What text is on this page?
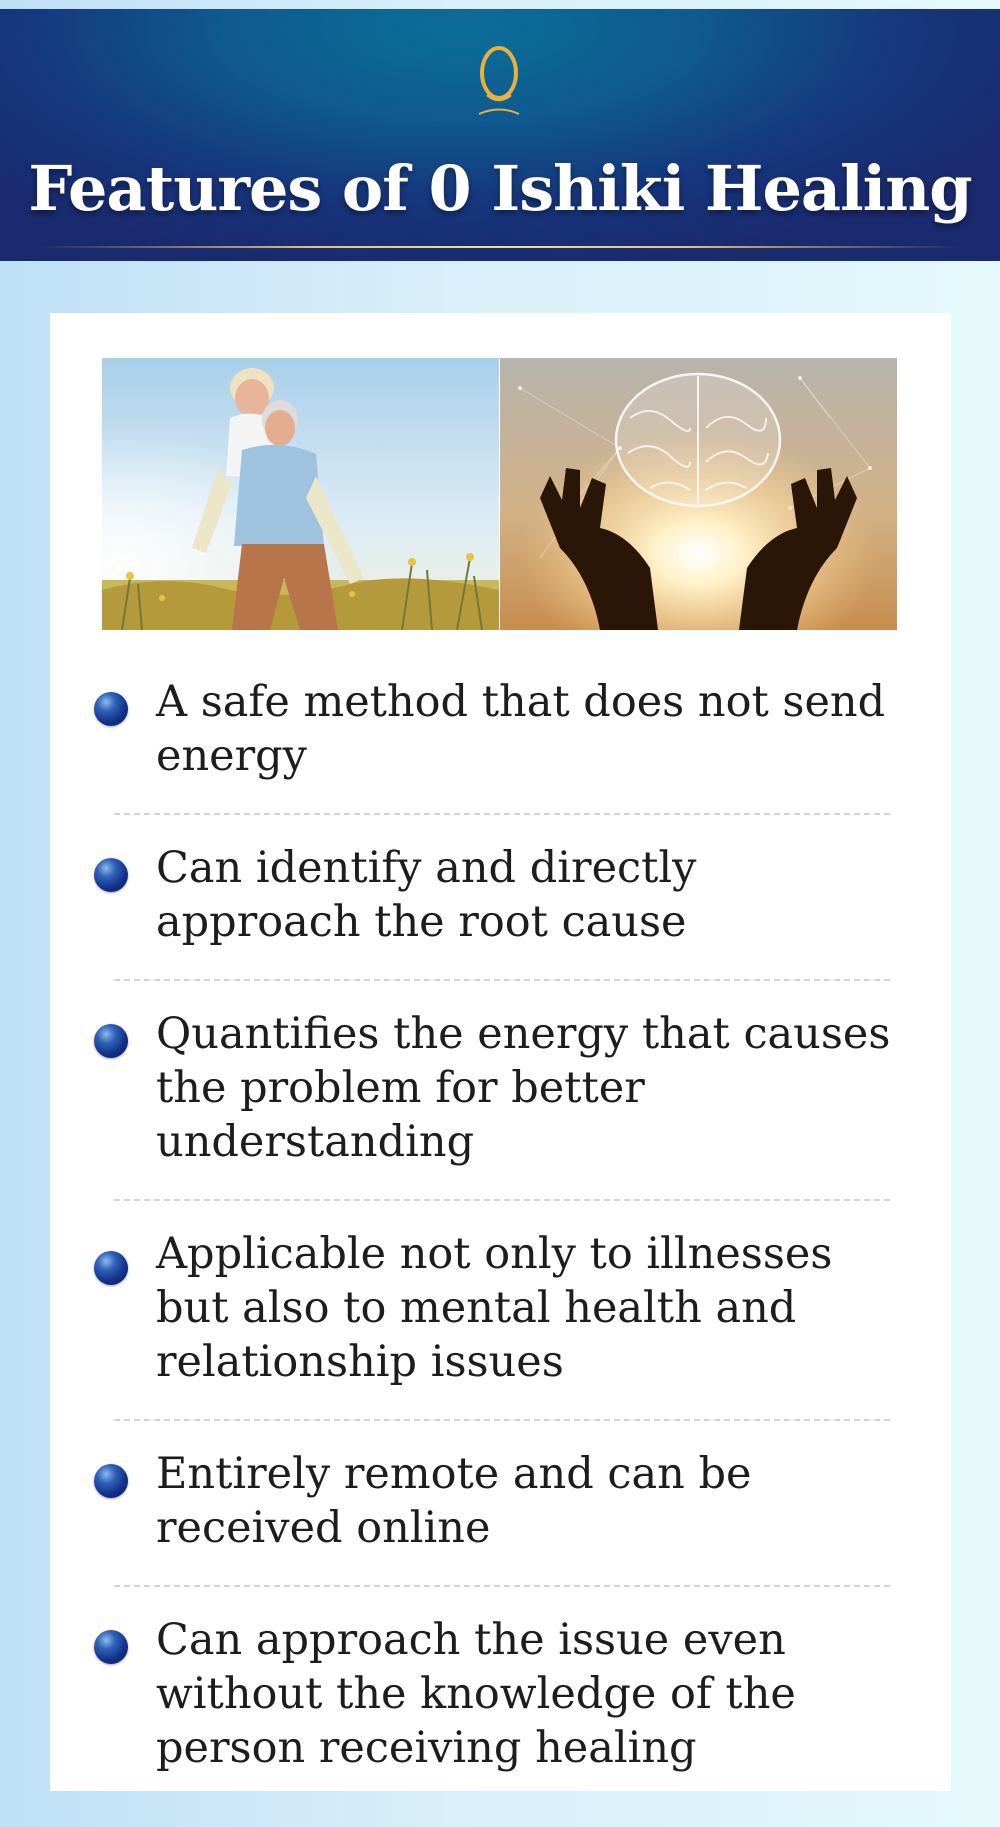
Features of 0 Ishiki Healing
A safe method that does not send energy
Can identify and directly approach the root cause
Quantifies the energy that causes the problem for better understanding
Applicable not only to illnesses but also to mental health and relationship issues
Entirely remote and can be received online
Can approach the issue even without the knowledge of the person receiving healing
